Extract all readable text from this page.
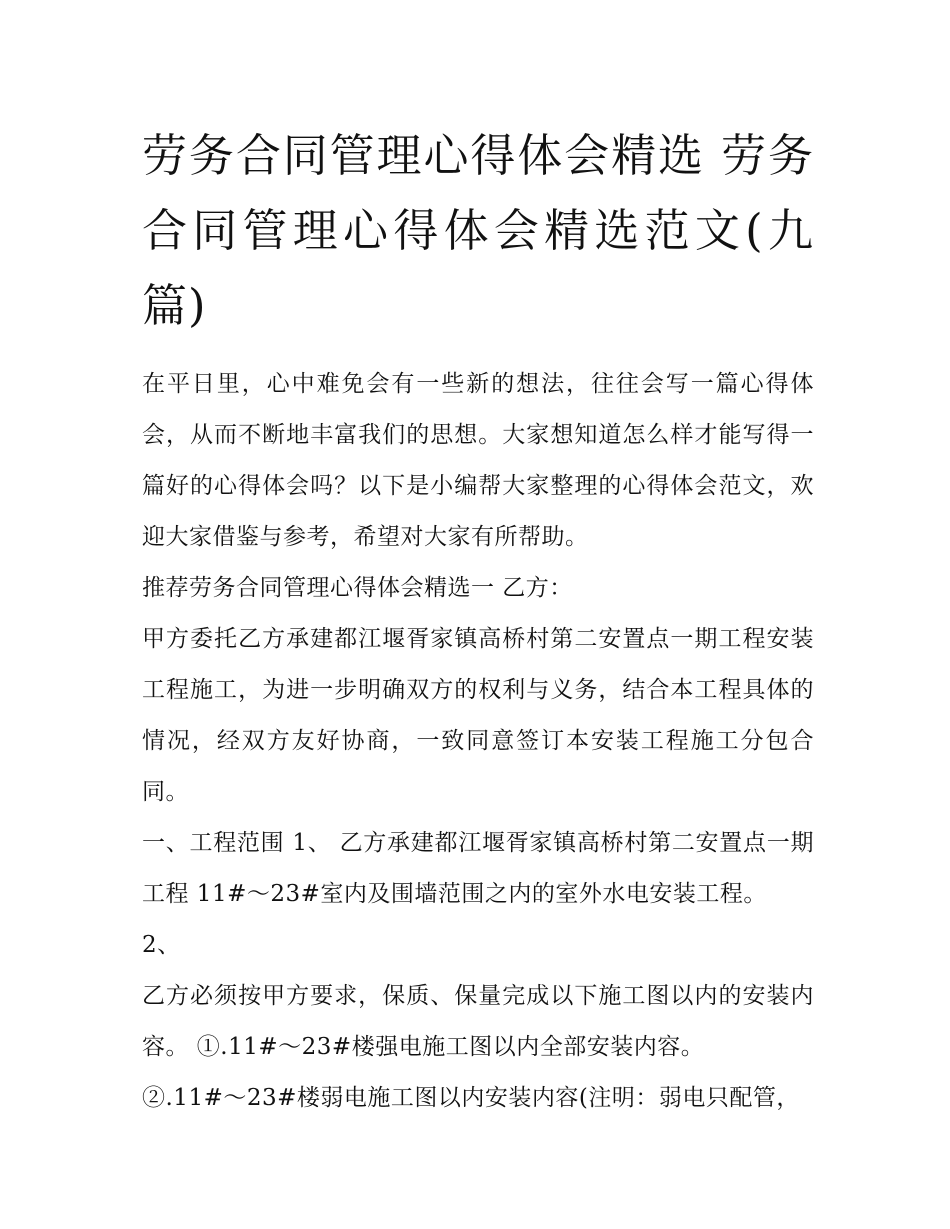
劳务合同管理心得体会精选 劳务合同管理心得体会精选范文(九篇)

在平日里，心中难免会有一些新的想法，往往会写一篇心得体会，从而不断地丰富我们的思想。大家想知道怎么样才能写得一篇好的心得体会吗？以下是小编帮大家整理的心得体会范文，欢迎大家借鉴与参考，希望对大家有所帮助。

推荐劳务合同管理心得体会精选一 乙方：

甲方委托乙方承建都江堰胥家镇高桥村第二安置点一期工程安装工程施工，为进一步明确双方的权利与义务，结合本工程具体的情况，经双方友好协商，一致同意签订本安装工程施工分包合同。

一、工程范围 1、 乙方承建都江堰胥家镇高桥村第二安置点一期工程 11#～23#室内及围墙范围之内的室外水电安装工程。

2、

乙方必须按甲方要求，保质、保量完成以下施工图以内的安装内容。 ①.11#～23#楼强电施工图以内全部安装内容。

②.11#～23#楼弱电施工图以内安装内容(注明：弱电只配管，
